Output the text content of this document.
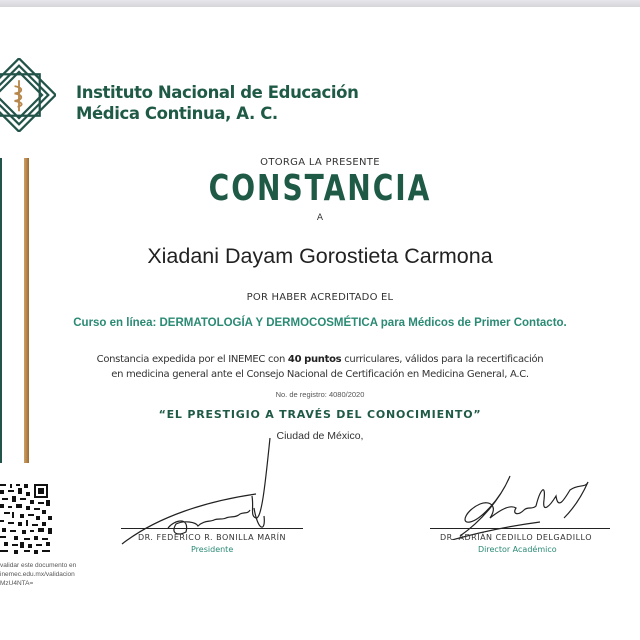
Instituto Nacional de Educación
Médica Continua, A. C.
OTORGA LA PRESENTE
CONSTANCIA
A
Xiadani Dayam Gorostieta Carmona
POR HABER ACREDITADO EL
Curso en línea: DERMATOLOGÍA Y DERMOCOSMÉTICA para Médicos de Primer Contacto.
Constancia expedida por el INEMEC con 40 puntos curriculares, válidos para la recertificación
en medicina general ante el Consejo Nacional de Certificación en Medicina General, A.C.
No. de registro: 4080/2020
“EL PRESTIGIO A TRAVÉS DEL CONOCIMIENTO”
Ciudad de México,
DR. FEDERICO R. BONILLA MARÍN
Presidente
DR. ADRIÁN CEDILLO DELGADILLO
Director Académico
validar este documento en
inemec.edu.mx/validacion
MzU4NTA=
